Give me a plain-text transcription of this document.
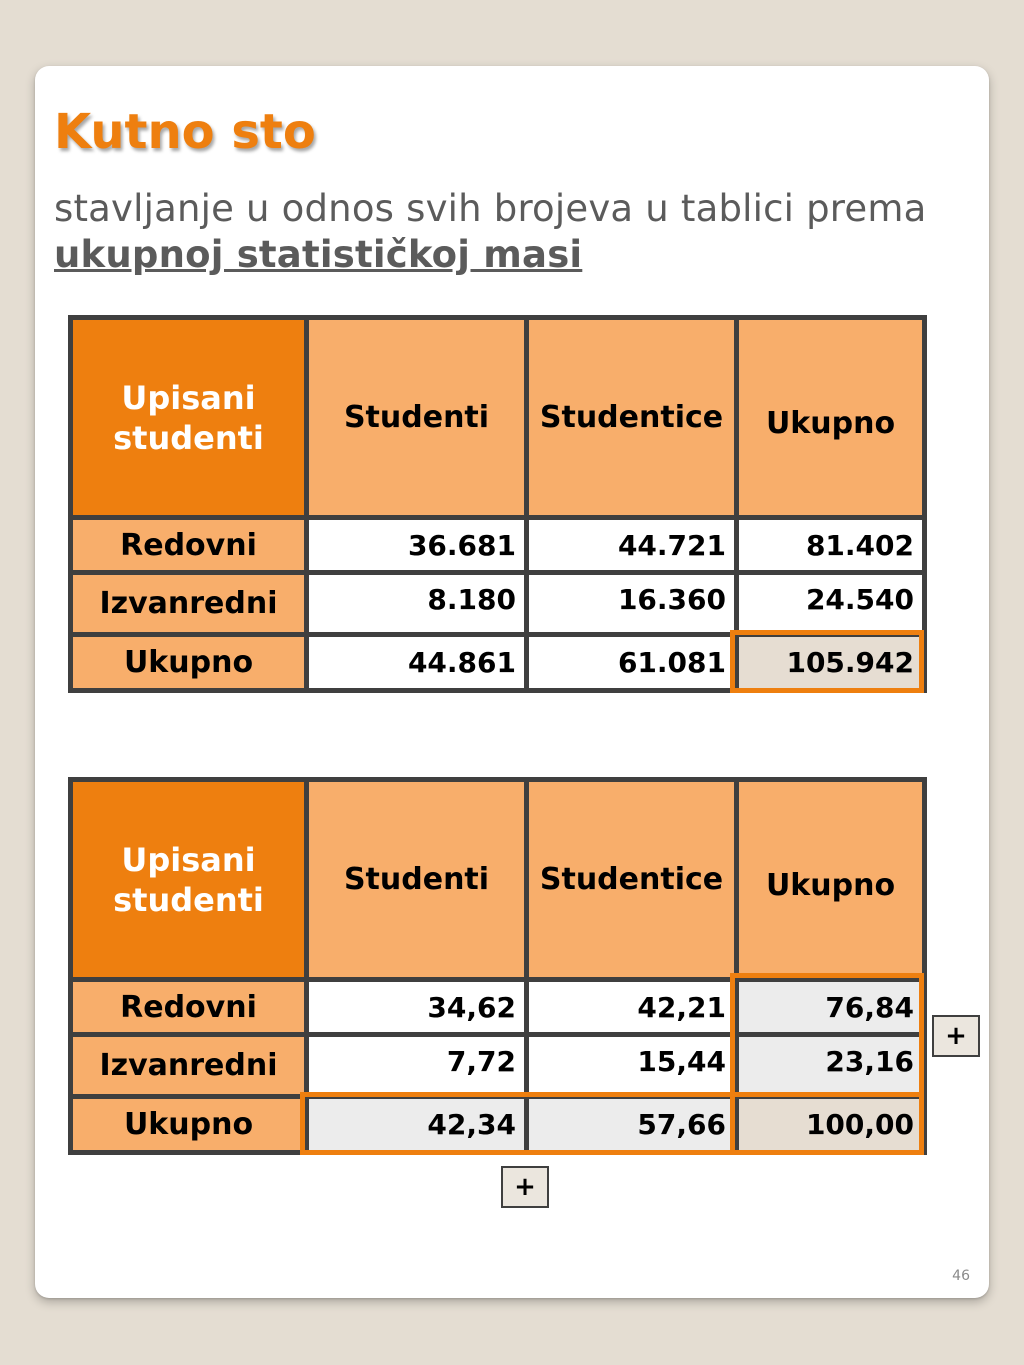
Kutno sto

stavljanje u odnos svih brojeva u tablici prema
ukupnoj statističkoj masi

Upisani studenti	Studenti	Studentice	Ukupno
Redovni	36.681	44.721	81.402
Izvanredni	8.180	16.360	24.540
Ukupno	44.861	61.081	105.942
Upisani studenti	Studenti	Studentice	Ukupno
Redovni	34,62	42,21	76,84
Izvanredni	7,72	15,44	23,16
Ukupno	42,34	57,66	100,00
+
+
46
